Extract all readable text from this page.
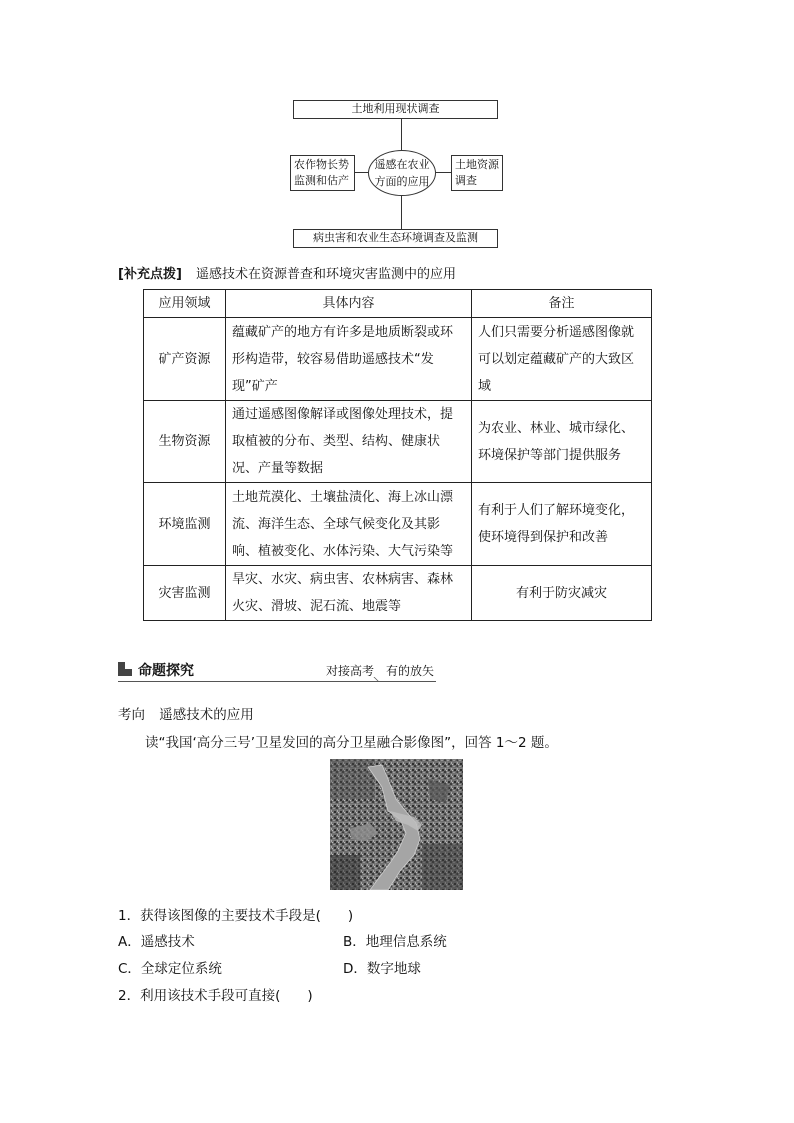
土地利用现状调查
遥感在农业
方面的应用
农作物长势
监测和估产
土地资源
调查
病虫害和农业生态环境调查及监测
[补充点拨] 遥感技术在资源普查和环境灾害监测中的应用
应用领域	具体内容	备注
矿产资源	蕴藏矿产的地方有许多是地质断裂或环形构造带，较容易借助遥感技术“发现”矿产	人们只需要分析遥感图像就可以划定蕴藏矿产的大致区域
生物资源	通过遥感图像解译或图像处理技术，提取植被的分布、类型、结构、健康状况、产量等数据	为农业、林业、城市绿化、环境保护等部门提供服务
环境监测	土地荒漠化、土壤盐渍化、海上冰山漂流、海洋生态、全球气候变化及其影响、植被变化、水体污染、大气污染等	有利于人们了解环境变化，使环境得到保护和改善
灾害监测	旱灾、水灾、病虫害、农林病害、森林火灾、滑坡、泥石流、地震等	有利于防灾减灾
命题探究	对接高考　有的放矢
考向 遥感技术的应用
读“我国‘高分三号’卫星发回的高分卫星融合影像图”，回答 1～2 题。
1．获得该图像的主要技术手段是(　　)
A．遥感技术	B．地理信息系统
C．全球定位系统	D．数字地球
2．利用该技术手段可直接(　　)
